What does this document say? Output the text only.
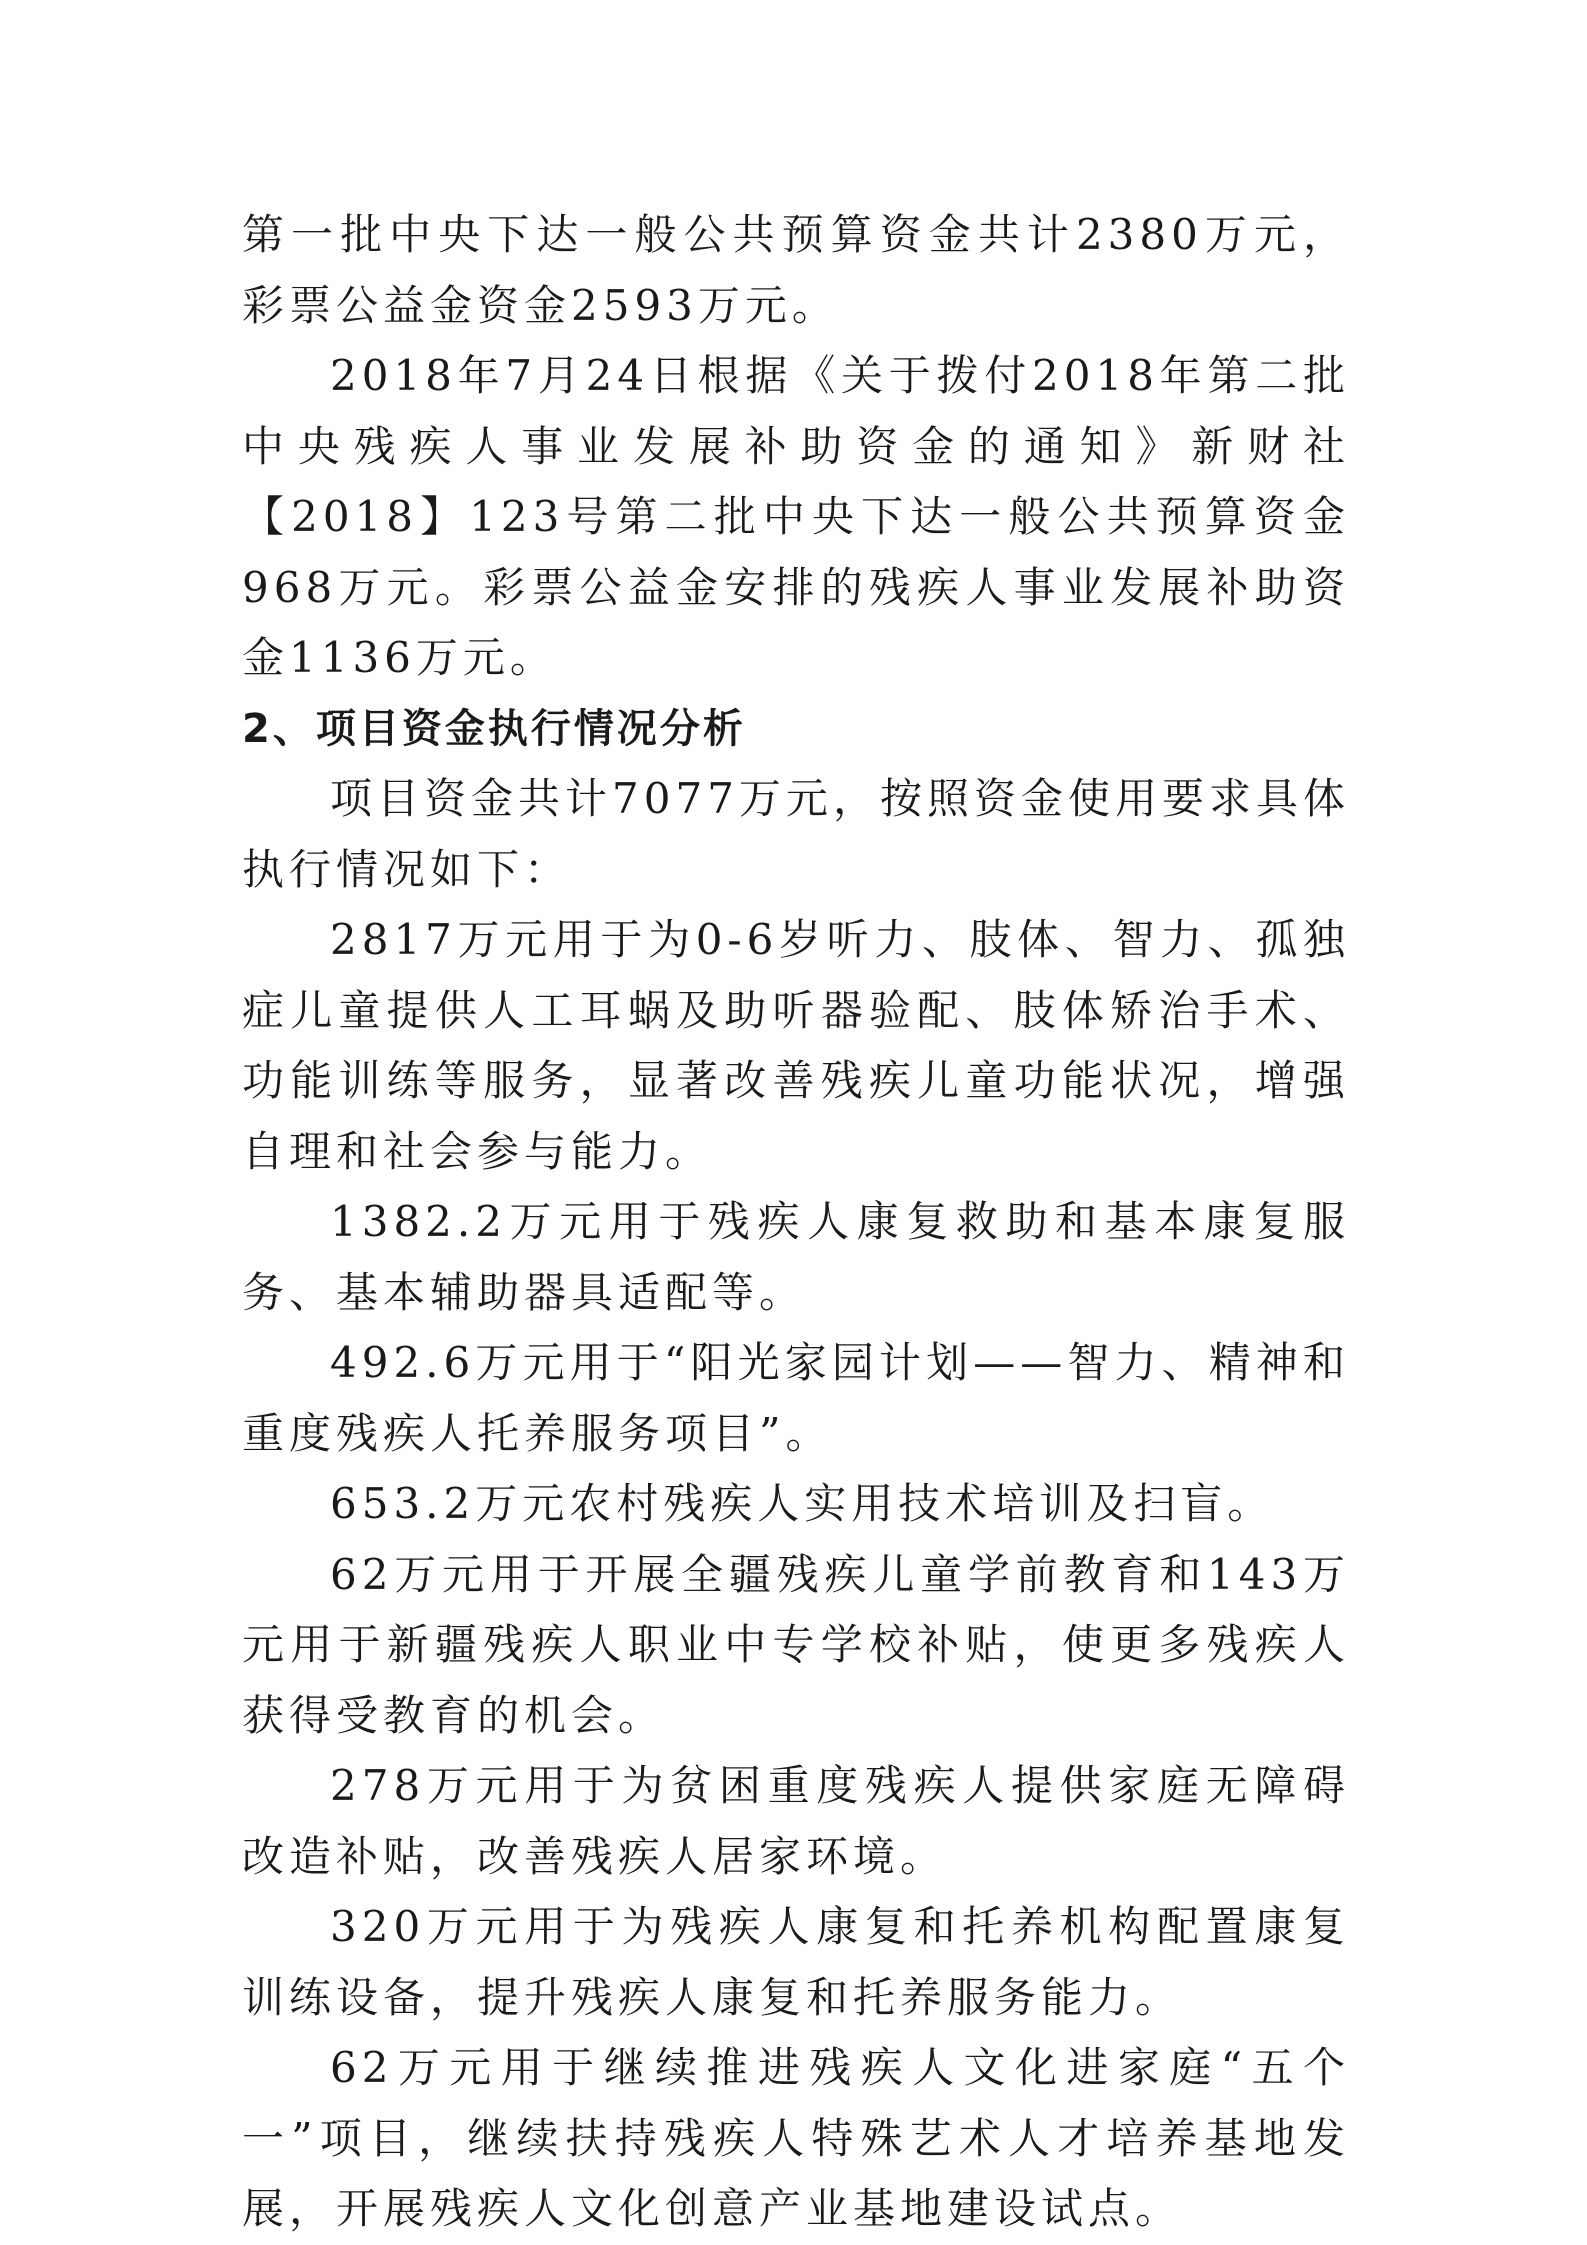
第一批中央下达一般公共预算资金共计2380万元，彩票公益金资金2593万元。

2018年7月24日根据《关于拨付2018年第二批中央残疾人事业发展补助资金的通知》新财社【2018】123号第二批中央下达一般公共预算资金968万元。彩票公益金安排的残疾人事业发展补助资金1136万元。

2、项目资金执行情况分析

项目资金共计7077万元，按照资金使用要求具体执行情况如下：

2817万元用于为0-6岁听力、肢体、智力、孤独症儿童提供人工耳蜗及助听器验配、肢体矫治手术、功能训练等服务，显著改善残疾儿童功能状况，增强自理和社会参与能力。

1382.2万元用于残疾人康复救助和基本康复服务、基本辅助器具适配等。

492.6万元用于“阳光家园计划——智力、精神和重度残疾人托养服务项目”。

653.2万元农村残疾人实用技术培训及扫盲。

62万元用于开展全疆残疾儿童学前教育和143万元用于新疆残疾人职业中专学校补贴，使更多残疾人获得受教育的机会。

278万元用于为贫困重度残疾人提供家庭无障碍改造补贴，改善残疾人居家环境。

320万元用于为残疾人康复和托养机构配置康复训练设备，提升残疾人康复和托养服务能力。

62万元用于继续推进残疾人文化进家庭“五个一”项目，继续扶持残疾人特殊艺术人才培养基地发展，开展残疾人文化创意产业基地建设试点。
